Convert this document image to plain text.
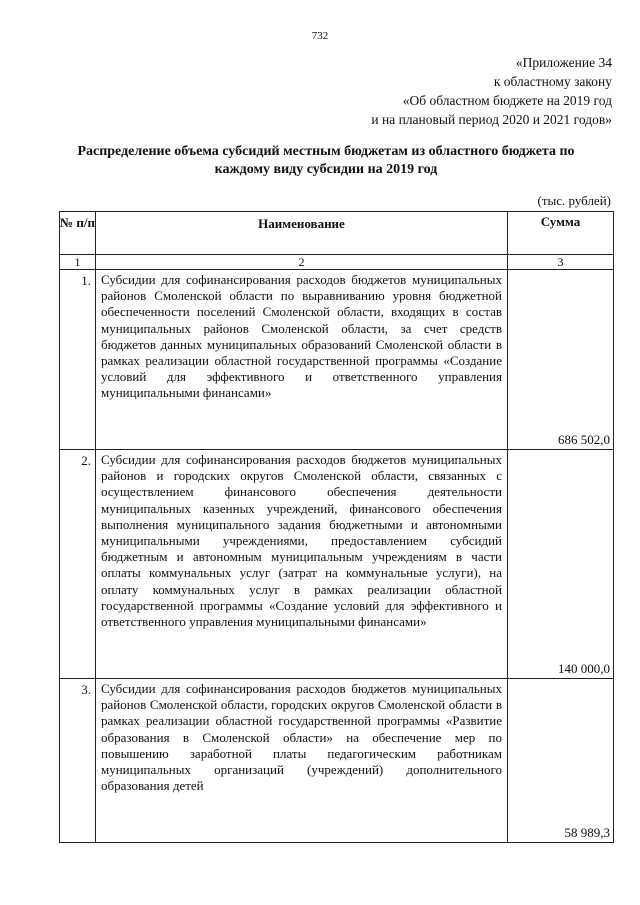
732
«Приложение 34
к областному закону
«Об областном бюджете на 2019 год
и на плановый период 2020 и 2021 годов»
Распределение объема субсидий местным бюджетам из областного бюджета по
каждому виду субсидии на 2019 год
(тыс. рублей)
№ п/п	Наименование	Сумма
1	2	3
1.	Субсидии для софинансирования расходов бюджетов муниципальных районов Смоленской области по выравниванию уровня бюджетной обеспеченности поселений Смоленской области, входящих в состав муниципальных районов Смоленской области, за счет средств бюджетов данных муниципальных образований Смоленской области в рамках реализации областной государственной программы «Создание условий для эффективного и ответственного управления муниципальными финансами»	686 502,0
2.	Субсидии для софинансирования расходов бюджетов муниципальных районов и городских округов Смоленской области, связанных с осуществлением финансового обеспечения деятельности муниципальных казенных учреждений, финансового обеспечения выполнения муниципального задания бюджетными и автономными муниципальными учреждениями, предоставлением субсидий бюджетным и автономным муниципальным учреждениям в части оплаты коммунальных услуг (затрат на коммунальные услуги), на оплату коммунальных услуг в рамках реализации областной государственной программы «Создание условий для эффективного и ответственного управления муниципальными финансами»	140 000,0
3.	Субсидии для софинансирования расходов бюджетов муниципальных районов Смоленской области, городских округов Смоленской области в рамках реализации областной государственной программы «Развитие образования в Смоленской области» на обеспечение мер по повышению заработной платы педагогическим работникам муниципальных организаций (учреждений) дополнительного образования детей	58 989,3
